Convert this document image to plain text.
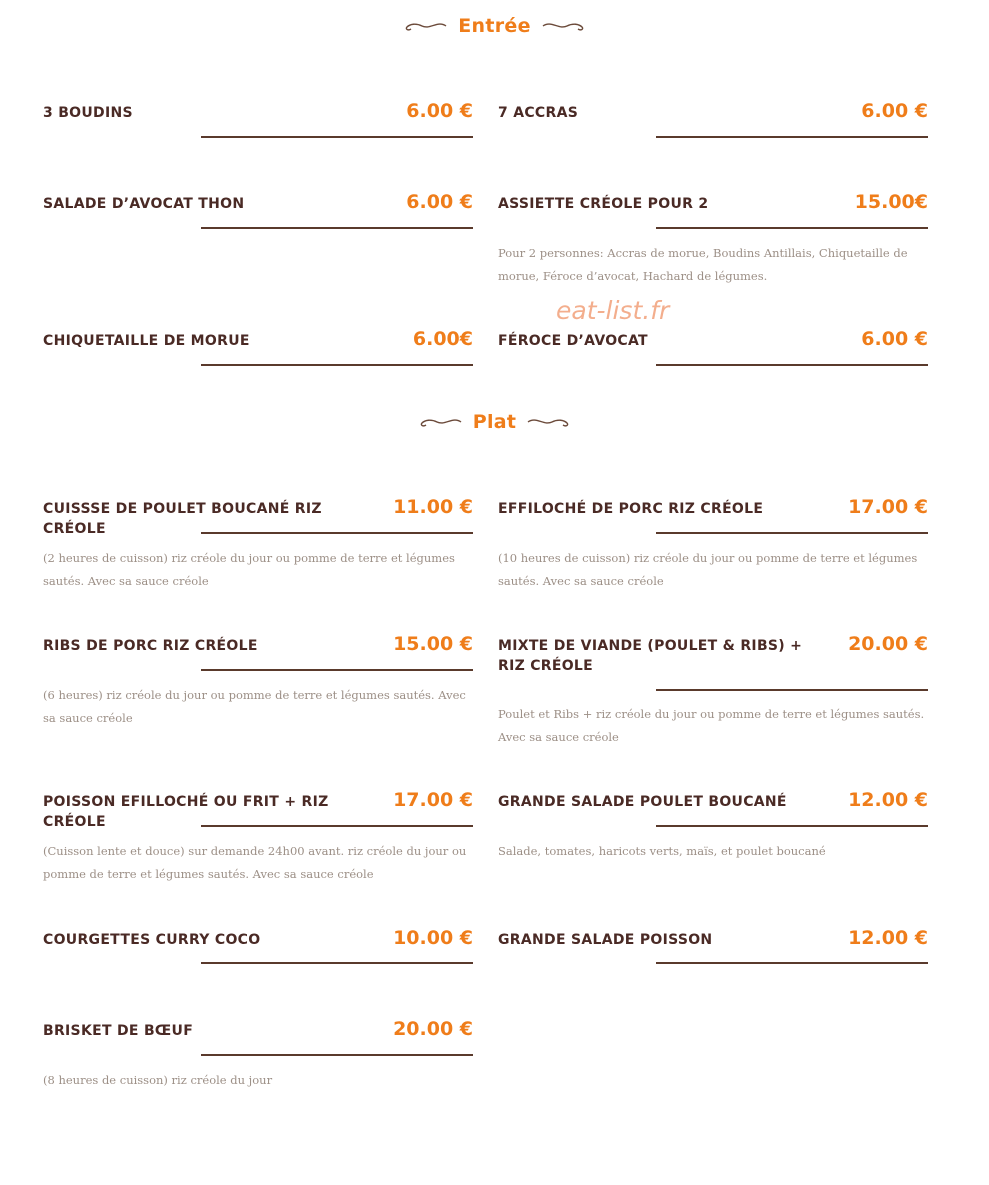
Entrée
3 BOUDINS	6.00 € 7 ACCRAS	6.00 €
SALADE D’AVOCAT THON	6.00 € ASSIETTE CRÉOLE POUR 2	15.00€
Pour 2 personnes: Accras de morue, Boudins Antillais, Chiquetaille de morue, Féroce d’avocat, Hachard de légumes.
CHIQUETAILLE DE MORUE	6.00€ FÉROCE D’AVOCAT	6.00 €
eat-list.fr
Plat
CUISSSE DE POULET BOUCANÉ RIZ CRÉOLE
11.00 €
(2 heures de cuisson) riz créole du jour ou pomme de terre et légumes sautés. Avec sa sauce créole
EFFILOCHÉ DE PORC RIZ CRÉOLE	17.00 €
(10 heures de cuisson) riz créole du jour ou pomme de terre et légumes sautés. Avec sa sauce créole
RIBS DE PORC RIZ CRÉOLE	15.00 €
(6 heures) riz créole du jour ou pomme de terre et légumes sautés. Avec sa sauce créole
MIXTE DE VIANDE (POULET & RIBS) + RIZ CRÉOLE
20.00 €
Poulet et Ribs + riz créole du jour ou pomme de terre et légumes sautés. Avec sa sauce créole
POISSON EFILLOCHÉ OU FRIT + RIZ CRÉOLE
17.00 €
(Cuisson lente et douce) sur demande 24h00 avant. riz créole du jour ou pomme de terre et légumes sautés. Avec sa sauce créole
GRANDE SALADE POULET BOUCANÉ	12.00 €
Salade, tomates, haricots verts, maïs, et poulet boucané
COURGETTES CURRY COCO	10.00 € GRANDE SALADE POISSON	12.00 €
BRISKET DE BŒUF	20.00 €
(8 heures de cuisson) riz créole du jour
